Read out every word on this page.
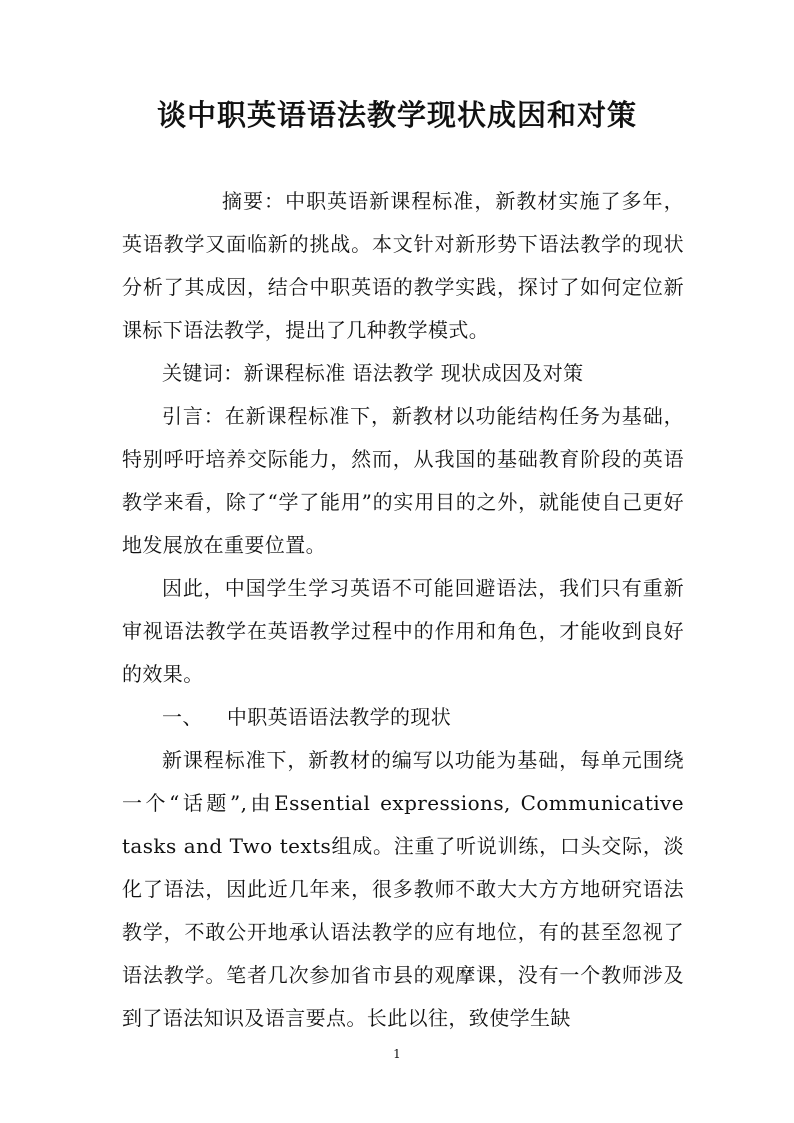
谈中职英语语法教学现状成因和对策

摘要：中职英语新课程标准，新教材实施了多年，英语教学又面临新的挑战。本文针对新形势下语法教学的现状分析了其成因，结合中职英语的教学实践，探讨了如何定位新课标下语法教学，提出了几种教学模式。

关键词：新课程标准 语法教学 现状成因及对策

引言：在新课程标准下，新教材以功能结构任务为基础，特别呼吁培养交际能力，然而，从我国的基础教育阶段的英语教学来看，除了“学了能用”的实用目的之外，就能使自己更好地发展放在重要位置。

因此，中国学生学习英语不可能回避语法，我们只有重新审视语法教学在英语教学过程中的作用和角色，才能收到良好的效果。

一、 中职英语语法教学的现状

新课程标准下，新教材的编写以功能为基础，每单元围绕一个“话题”,由Essential expressions, Communicative tasks and Two texts组成。注重了听说训练，口头交际，淡化了语法，因此近几年来，很多教师不敢大大方方地研究语法教学，不敢公开地承认语法教学的应有地位，有的甚至忽视了语法教学。笔者几次参加省市县的观摩课，没有一个教师涉及到了语法知识及语言要点。长此以往，致使学生缺

1
